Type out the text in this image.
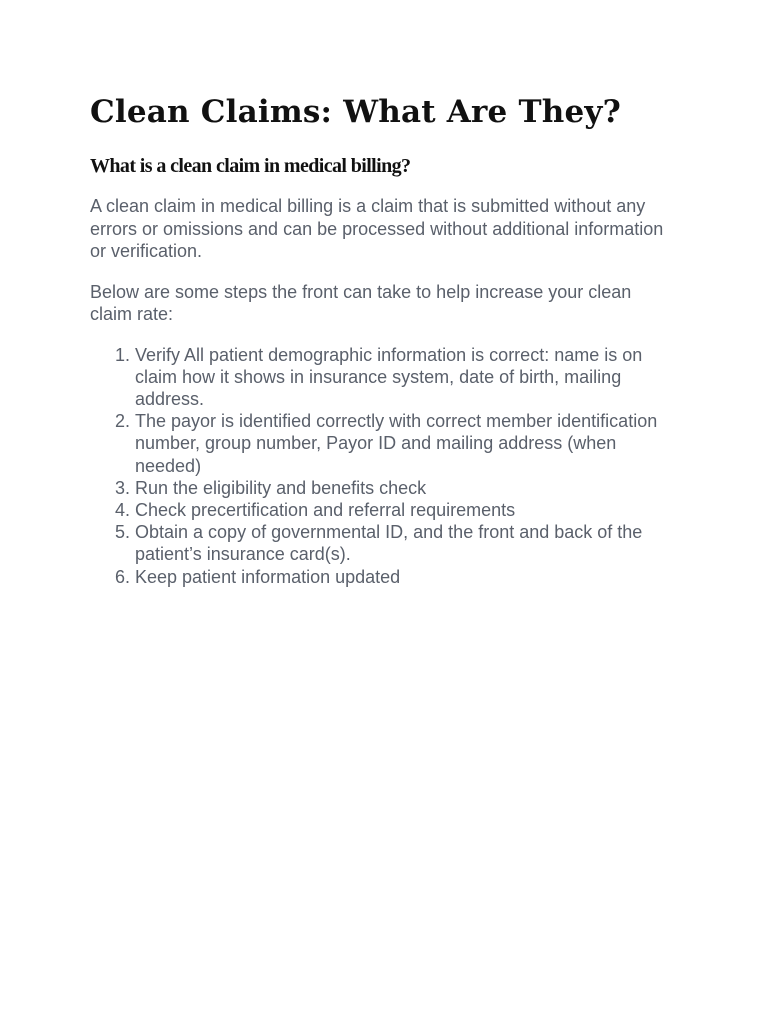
Clean Claims: What Are They?
What is a clean claim in medical billing?

A clean claim in medical billing is a claim that is submitted without any errors or omissions and can be processed without additional information or verification.

Below are some steps the front can take to help increase your clean claim rate:

1. Verify All patient demographic information is correct: name is on claim how it shows in insurance system, date of birth, mailing address.
2. The payor is identified correctly with correct member identification number, group number, Payor ID and mailing address (when needed)
3. Run the eligibility and benefits check
4. Check precertification and referral requirements
5. Obtain a copy of governmental ID, and the front and back of the patient’s insurance card(s).
6. Keep patient information updated
